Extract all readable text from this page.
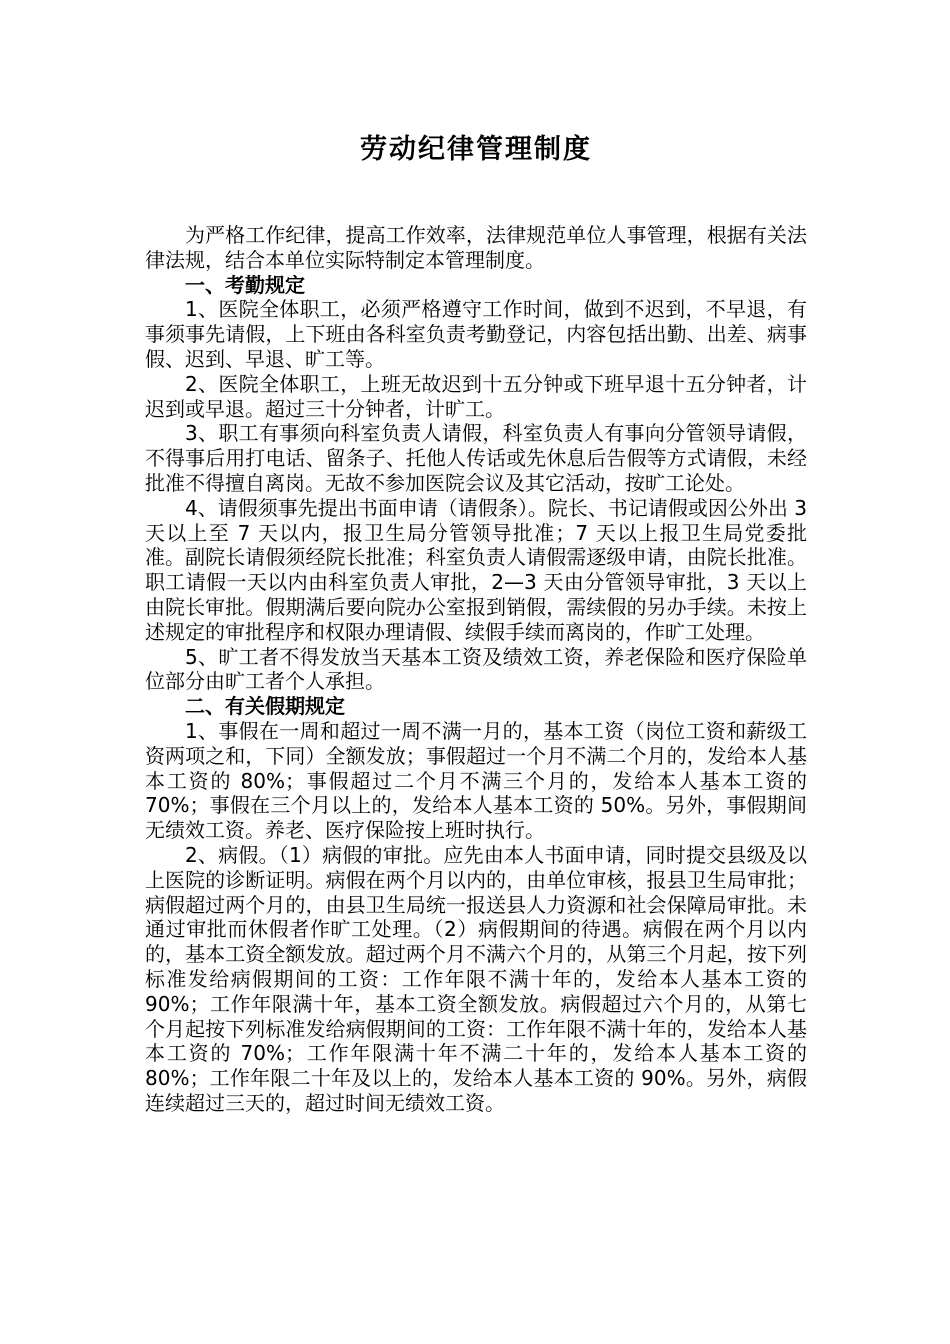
劳动纪律管理制度

为严格工作纪律，提高工作效率，法律规范单位人事管理，根据有关法律法规，结合本单位实际特制定本管理制度。

一、考勤规定

1、医院全体职工，必须严格遵守工作时间，做到不迟到，不早退，有事须事先请假，上下班由各科室负责考勤登记，内容包括出勤、出差、病事假、迟到、早退、旷工等。

2、医院全体职工，上班无故迟到十五分钟或下班早退十五分钟者，计迟到或早退。超过三十分钟者，计旷工。

3、职工有事须向科室负责人请假，科室负责人有事向分管领导请假，不得事后用打电话、留条子、托他人传话或先休息后告假等方式请假，未经批准不得擅自离岗。无故不参加医院会议及其它活动，按旷工论处。

4、请假须事先提出书面申请（请假条）。院长、书记请假或因公外出 3 天以上至 7 天以内，报卫生局分管领导批准；7 天以上报卫生局党委批准。副院长请假须经院长批准；科室负责人请假需逐级申请，由院长批准。职工请假一天以内由科室负责人审批，2—3 天由分管领导审批，3 天以上由院长审批。假期满后要向院办公室报到销假，需续假的另办手续。未按上述规定的审批程序和权限办理请假、续假手续而离岗的，作旷工处理。

5、旷工者不得发放当天基本工资及绩效工资，养老保险和医疗保险单位部分由旷工者个人承担。

二、有关假期规定

1、事假在一周和超过一周不满一月的，基本工资（岗位工资和薪级工资两项之和，下同）全额发放；事假超过一个月不满二个月的，发给本人基本工资的 80%；事假超过二个月不满三个月的，发给本人基本工资的 70%；事假在三个月以上的，发给本人基本工资的 50%。另外，事假期间无绩效工资。养老、医疗保险按上班时执行。

2、病假。（1）病假的审批。应先由本人书面申请，同时提交县级及以上医院的诊断证明。病假在两个月以内的，由单位审核，报县卫生局审批；病假超过两个月的，由县卫生局统一报送县人力资源和社会保障局审批。未通过审批而休假者作旷工处理。（2）病假期间的待遇。病假在两个月以内的，基本工资全额发放。超过两个月不满六个月的，从第三个月起，按下列标准发给病假期间的工资：工作年限不满十年的，发给本人基本工资的 90%；工作年限满十年，基本工资全额发放。病假超过六个月的，从第七个月起按下列标准发给病假期间的工资：工作年限不满十年的，发给本人基本工资的 70%；工作年限满十年不满二十年的，发给本人基本工资的 80%；工作年限二十年及以上的，发给本人基本工资的 90%。另外，病假连续超过三天的，超过时间无绩效工资。
